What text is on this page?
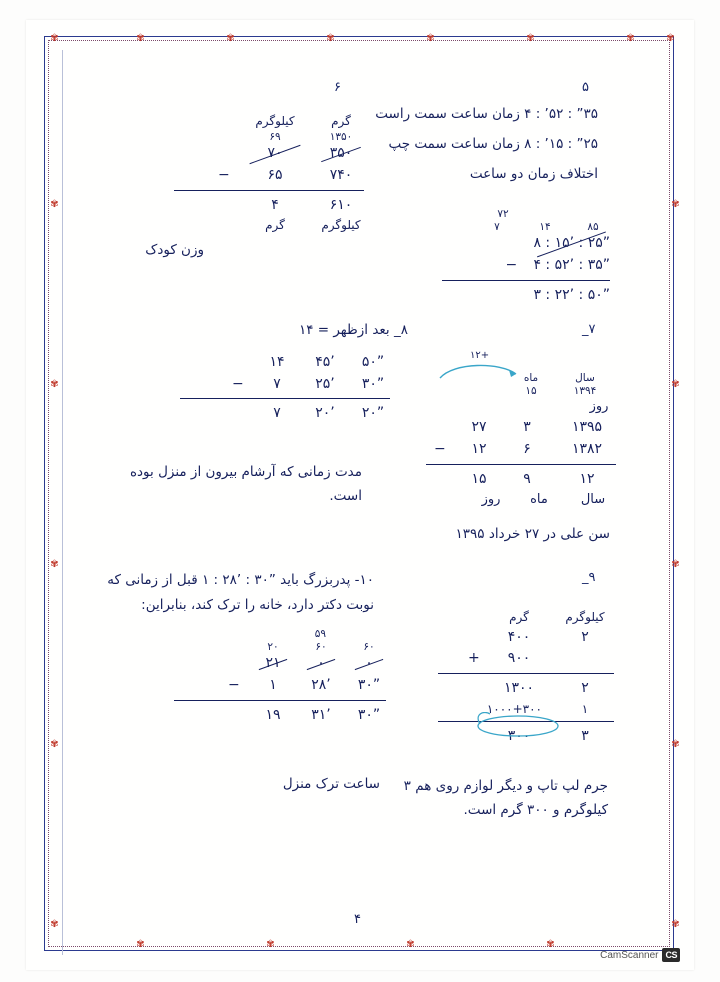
✾	✾	✾	✾	✾	✾	✾	✾
✾
✾
✾
✾
✾
✾
✾
✾
✾
✾
✾	✾	✾	✾
۵
۳۵” : ۵۲’ : ۴ زمان ساعت سمت راست
۲۵” : ۱۵’ : ۸ زمان ساعت سمت چپ
اختلاف زمان دو ساعت
۷۲
۷	۱۴	۸۵
۸ : ۱۵’ : ۲۵”
− ۴ : ۵۲’ : ۳۵”
۳ : ۲۲’ : ۵۰”
۶
کیلوگرم	گرم
۶۹	۱۳۵۰
۷۰	۳۵۰
−	۶۵	۷۴۰
۴	۶۱۰
گرم	کیلوگرم
وزن کودک
۸_ بعد ازظهر = ۱۴
۱۴	۴۵’	۵۰”
−	۷	۲۵’	۳۰”
۷	۲۰’	۲۰”
مدت زمانی که آرشام بیرون از منزل بوده است.
۷_
۱۲+
ماه	سال
۱۵	۱۳۹۴
روز
۲۷	۳	۱۳۹۵
−	۱۲	۶	۱۳۸۲
۱۵	۹	۱۲
روز	ماه	سال
سن علی در ۲۷ خرداد ۱۳۹۵
۱۰- پدربزرگ باید ”۳۰ : ’۲۸ : ۱ قبل از زمانی که نوبت دکتر دارد، خانه را ترک کند، بنابراین:
۵۹
۲۰	۶۰	۶۰
۲۱	۰	۰
−	۱	۲۸’	۳۰”
۱۹	۳۱’	۳۰”
ساعت ترک منزل
۹_
گرم	کیلوگرم
۴۰۰	۲
+	۹۰۰
۱۳۰۰	۲
۱۰۰۰+۳۰۰	۱
۳۰۰	۳
جرم لپ تاپ و دیگر لوازم روی هم ۳ کیلوگرم و ۳۰۰ گرم است.
۴
CS
CamScanner
